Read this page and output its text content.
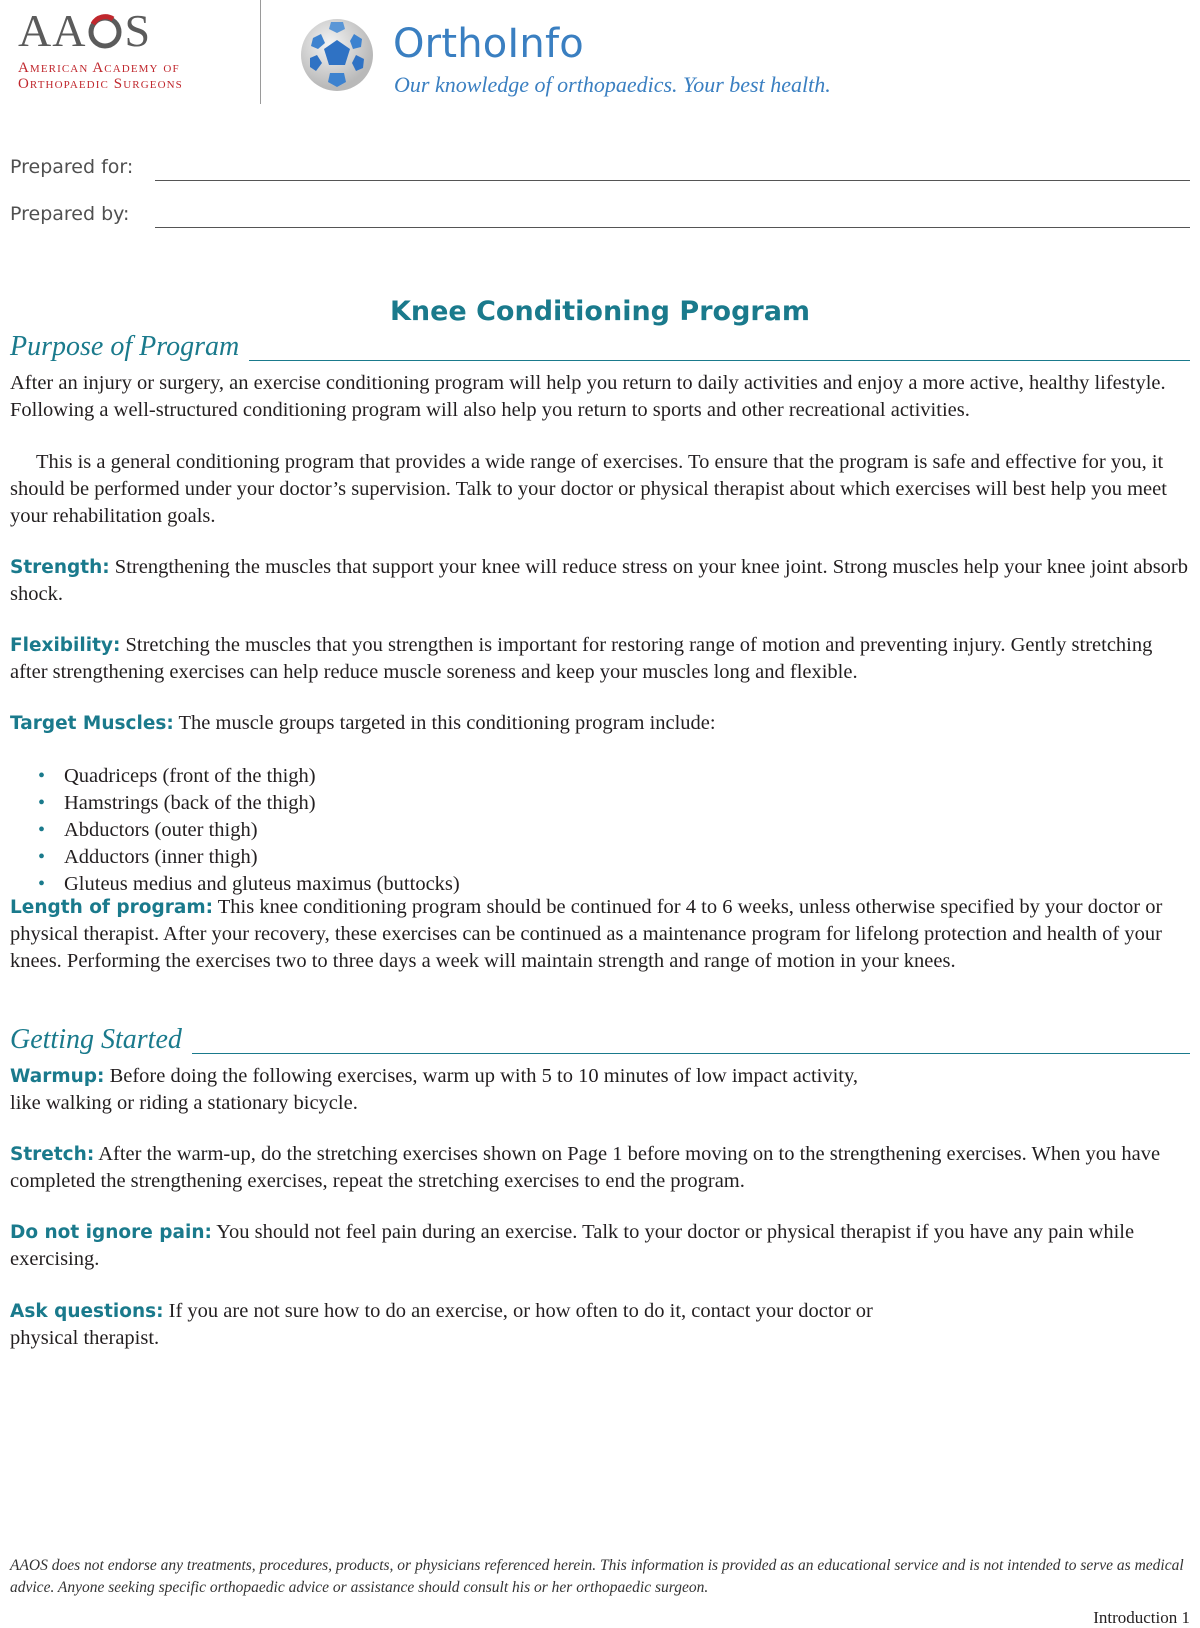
AA S
American Academy of
Orthopaedic Surgeons
OrthoInfo
Our knowledge of orthopaedics. Your best health.
Prepared for:
Prepared by:
Knee Conditioning Program
Purpose of Program

After an injury or surgery, an exercise conditioning program will help you return to daily activities and enjoy a more active, healthy lifestyle. Following a well-structured conditioning program will also help you return to sports and other recreational activities.

This is a general conditioning program that provides a wide range of exercises. To ensure that the program is safe and effective for you, it should be performed under your doctor’s supervision. Talk to your doctor or physical therapist about which exercises will best help you meet your rehabilitation goals.

Strength: Strengthening the muscles that support your knee will reduce stress on your knee joint. Strong muscles help your knee joint absorb shock.

Flexibility: Stretching the muscles that you strengthen is important for restoring range of motion and preventing injury. Gently stretching after strengthening exercises can help reduce muscle soreness and keep your muscles long and flexible.

Target Muscles: The muscle groups targeted in this conditioning program include:

• Quadriceps (front of the thigh)
• Hamstrings (back of the thigh)
• Abductors (outer thigh)
• Adductors (inner thigh)
• Gluteus medius and gluteus maximus (buttocks)

Length of program: This knee conditioning program should be continued for 4 to 6 weeks, unless otherwise specified by your doctor or physical therapist. After your recovery, these exercises can be continued as a maintenance program for lifelong protection and health of your knees. Performing the exercises two to three days a week will maintain strength and range of motion in your knees.

Getting Started
Warmup: Before doing the following exercises, warm up with 5 to 10 minutes of low impact activity,
like walking or riding a stationary bicycle.

Stretch: After the warm-up, do the stretching exercises shown on Page 1 before moving on to the strengthening exercises. When you have completed the strengthening exercises, repeat the stretching exercises to end the program.

Do not ignore pain: You should not feel pain during an exercise. Talk to your doctor or physical therapist if you have any pain while exercising.

Ask questions: If you are not sure how to do an exercise, or how often to do it, contact your doctor or
physical therapist.

AAOS does not endorse any treatments, procedures, products, or physicians referenced herein. This information is provided as an educational service and is not intended to serve as medical advice. Anyone seeking specific orthopaedic advice or assistance should consult his or her orthopaedic surgeon.

Introduction 1
